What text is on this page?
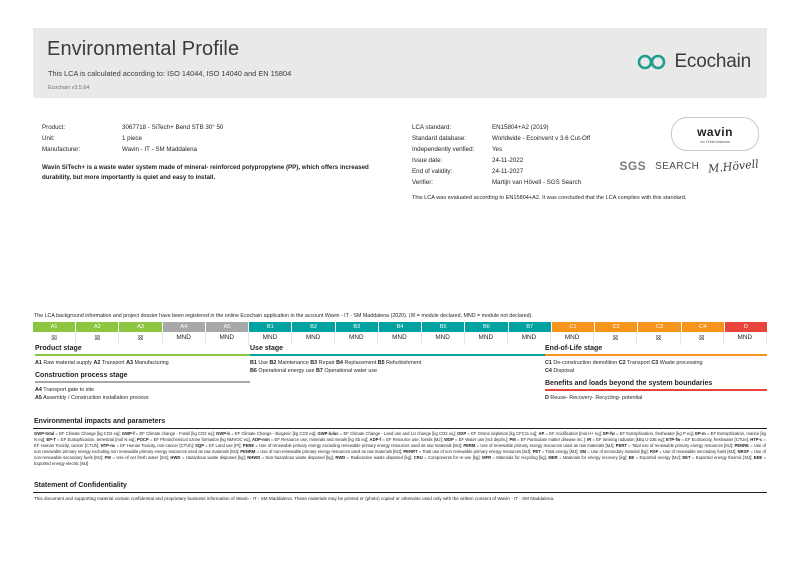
Environmental Profile
This LCA is calculated according to: ISO 14044, ISO 14040 and EN 15804
Ecochain v3.5.64
Ecochain
Product:	3067718 - SiTech+ Bend STB 30° 50
Unit:	1 piece
Manufacturer:	Wavin - IT - SM Maddalena
Wavin SiTech+ is a waste water system made of mineral- reinforced polypropylene (PP), which offers increased durability, but more importantly is quiet and easy to install.
LCA standard:	EN15804+A2 (2019)
Standard database:	Worldwide - Ecoinvent v 3.6 Cut-Off
Independently verified:	Yes
Issue date:	24-11-2022
End of validity:	24-11-2027
Verifier:	Martijn van Hövell - SGS Search
wavin
An Orbia business
SGS SEARCH M.Hövell
This LCA was evaluated according to EN15804+A2. It was concluded that the LCA complies with this standard.
The LCA background information and project dossier have been registered in the online Ecochain application in the account Wavin - IT - SM Maddalena (2020). (☒ = module declared, MND = module not declared).
A1	A2	A3	A4	A5	B1	B2	B3	B4	B5	B6	B7	C1	C2	C3	C4	D
☒	☒	☒	MND	MND	MND	MND	MND	MND	MND	MND	MND	MND	☒	☒	☒	MND
Product stage
A1 Raw material supply A2 Transport A3 Manufacturing
Construction process stage
A4 Transport gate to site
A5 Assembly / Construction installation process
Use stage
B1 Use B2 Maintenance B3 Repair B4 Replacement B5 Refurbishment
B6 Operational energy use B7 Operational water use
End-of-Life stage
C1 De-construction demolition C2 Transport C3 Waste processing
C4 Disposal
Benefits and loads beyond the system boundaries
D Reuse- Recovery- Recycling- potential
Environmental impacts and parameters
GWP-total = EF Climate Change [kg CO2 eq]; GWP-f = EF Climate change - Fossil [kg CO2 eq]; GWP-b = EF Climate Change - Biogenic [kg CO2 eq]; GWP-luluc = EF Climate Change - Land use and LU change [kg CO2 eq]; ODP = EF Ozone depletion [kg CFC11 eq]; AP = EF Acidification [mol H+ eq]; EP-fw = EF Eutrophication, freshwater [kg P eq]; EP-m = EF Eutrophication, marine [kg N eq]; EP-T = EF Eutrophication, terrestrial [mol N eq]; POCP = EF Photochemical ozone formation [kg NMVOC eq]; ADP-mm = EF Resource use, minerals and metals [kg Sb eq]; ADP-f = EF Resource use, fossils [MJ]; WDP = EF Water use [m3 depriv.]; PM = EF Particulate matter disease inc.]; IR = EF Ionising radiation [kBq U-235 eq]; ETP-fw = EF Ecotoxicity, freshwater [CTUe]; HTP-c = EF Human Toxicity, cancer [CTUh]; HTP-nc = EF Human Toxicity, non-cancer [CTUh]; SQP = EF Land use [Pt]; PERE = Use of renewable primary energy excluding renewable primary energy resources used as raw materials [MJ]; PERM = Use of renewable primary energy resources used as raw materials [MJ]; PERT = Total use of renewable primary energy resources [MJ]; PENRE = Use of non renewable primary energy excluding non renewable primary energy resources used as raw materials [MJ]; PENRM = Use of non-renewable primary energy resources used as raw materials [MJ]; PENRT = Total use of non renewable primary energy resources [MJ]; PET = Total energy [MJ]; SM = Use of secondary material [kg]; RSF = Use of renewable secondary fuels [MJ]; NRSF = Use of non-renewable secondary fuels [MJ]; FW = Use of net fresh water [m3]; HWD = Hazardous waste disposed [kg]; NHWD = Non-hazardous waste disposed [kg]; RWD = Radioactive waste disposed [kg]; CRU = Components for re-use [kg]; MFR = Materials for recycling [kg]; MER = Materials for energy recovery [kg]; EE = Exported energy [MJ]; EET = Exported energy thermic [MJ]; EEE = Exported energy electric [MJ]
Statement of Confidentiality
This document and supporting material contain confidential and proprietary business information of Wavin - IT - SM Maddalena. These materials may be printed or (photo) copied or otherwise used only with the written consent of Wavin - IT - SM Maddalena.
